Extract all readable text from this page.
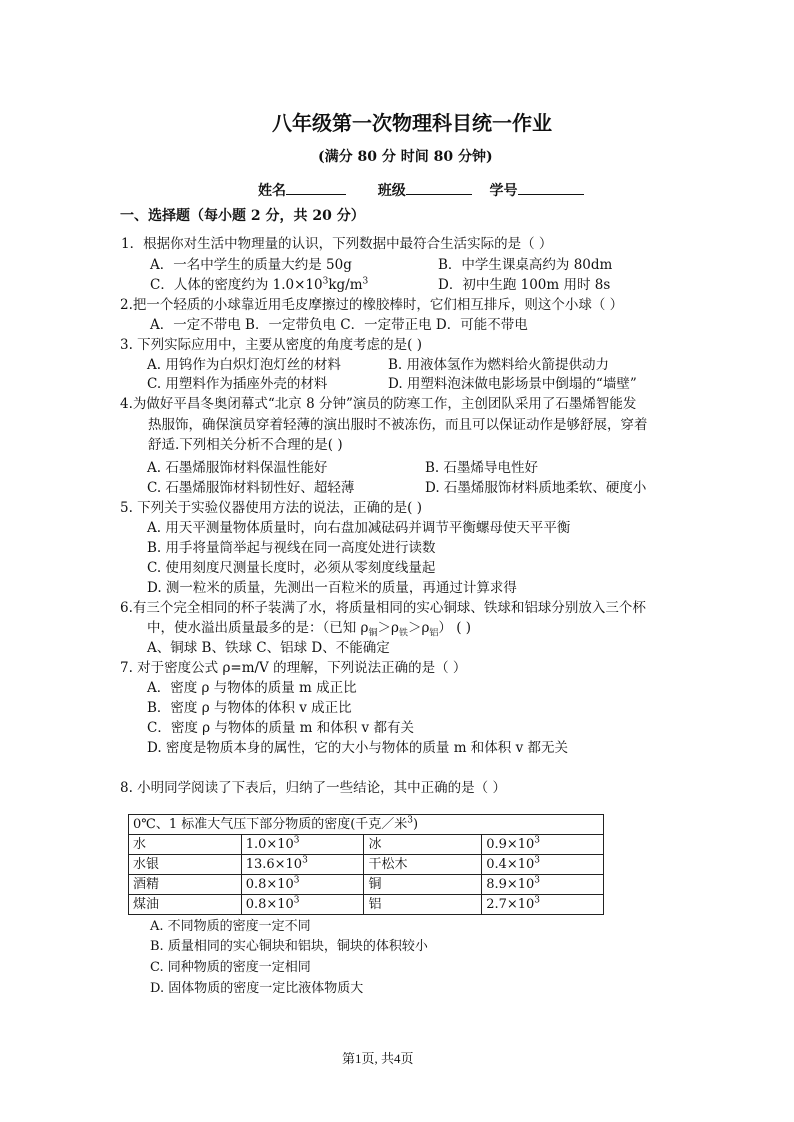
八年级第一次物理科目统一作业
(满分 80 分 时间 80 分钟)
姓名	班级	学号
一、选择题（每小题 2 分，共 20 分）
1．根据你对生活中物理量的认识，下列数据中最符合生活实际的是（ ）
A．一名中学生的质量大约是 50g	B．中学生课桌高约为 80dm
C．人体的密度约为 $1.0\times 10^3kg/m^3$	D．初中生跑 100m 用时 8s
2.把一个轻质的小球靠近用毛皮摩擦过的橡胶棒时，它们相互排斥，则这个小球（ ）
A．一定不带电 B．一定带负电 C．一定带正电 D．可能不带电
3. 下列实际应用中，主要从密度的角度考虑的是( )
A. 用钨作为白炽灯泡灯丝的材料	B. 用液体氢作为燃料给火箭提供动力
C. 用塑料作为插座外壳的材料	D. 用塑料泡沫做电影场景中倒塌的“墙壁”
4.为做好平昌冬奥闭幕式“北京 8 分钟”演员的防寒工作，主创团队采用了石墨烯智能发
热服饰，确保演员穿着轻薄的演出服时不被冻伤，而且可以保证动作是够舒展，穿着
舒适.下列相关分析不合理的是( )
A. 石墨烯服饰材料保温性能好	B. 石墨烯导电性好
C. 石墨烯服饰材料韧性好、超轻薄	D. 石墨烯服饰材料质地柔软、硬度小
5. 下列关于实验仪器使用方法的说法，正确的是( )
A. 用天平测量物体质量时，向右盘加减砝码并调节平衡螺母使天平平衡
B. 用手将量筒举起与视线在同一高度处进行读数
C. 使用刻度尺测量长度时，必须从零刻度线量起
D. 测一粒米的质量，先测出一百粒米的质量，再通过计算求得
6.有三个完全相同的杯子装满了水，将质量相同的实心铜球、铁球和铝球分别放入三个杯
中，使水溢出质量最多的是：（已知 $\rho_铜>\rho_铁>\rho_铝$） ( )
A、铜球 B、铁球 C、铝球 D、不能确定
7. 对于密度公式 ρ=m/V 的理解，下列说法正确的是（ ）
A．密度 ρ 与物体的质量 m 成正比
B．密度 ρ 与物体的体积 v 成正比
C．密度 ρ 与物体的质量 m 和体积 v 都有关
D. 密度是物质本身的属性，它的大小与物体的质量 m 和体积 v 都无关
8. 小明同学阅读了下表后，归纳了一些结论，其中正确的是（ ）
0℃、1 标准大气压下部分物质的密度(千克／米$^3$)			
水	$1.0\times 10^3$	冰	$0.9\times 10^3$
水银	$13.6\times 10^3$	干松木	$0.4\times 10^3$
酒精	$0.8\times 10^3$	铜	$8.9\times 10^3$
煤油	$0.8\times 10^3$	铝	$2.7\times 10^3$
A. 不同物质的密度一定不同
B. 质量相同的实心铜块和铝块，铜块的体积较小
C. 同种物质的密度一定相同
D. 固体物质的密度一定比液体物质大
第1页, 共4页
